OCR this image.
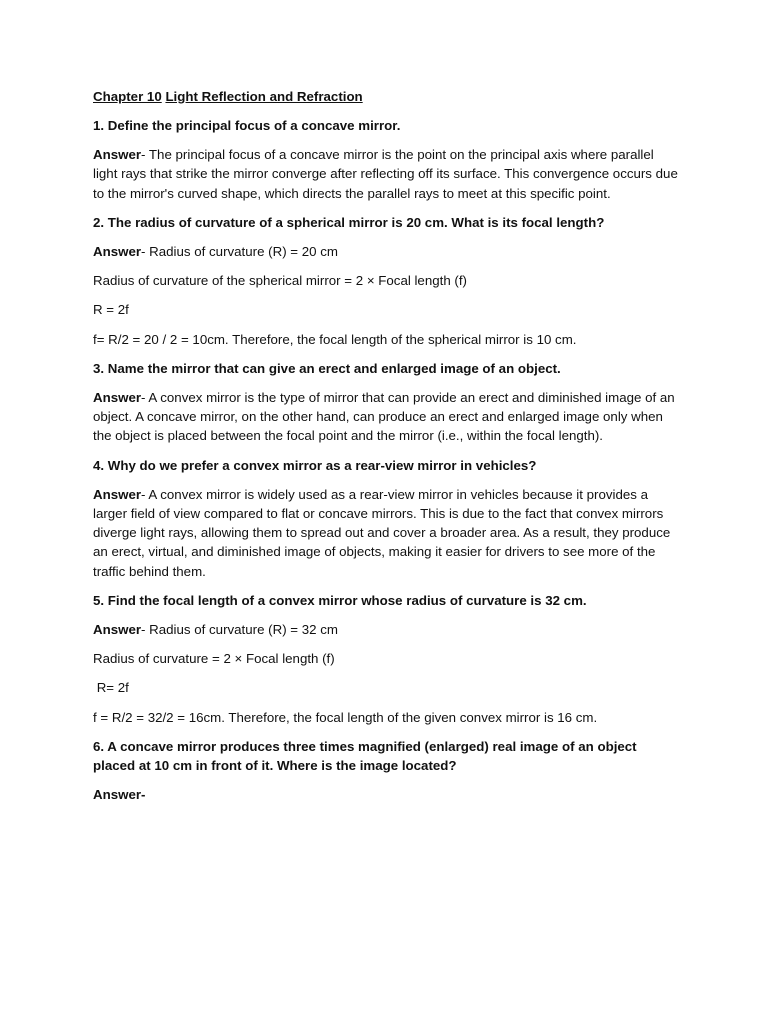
Chapter 10 Light Reflection and Refraction
1. Define the principal focus of a concave mirror.
Answer- The principal focus of a concave mirror is the point on the principal axis where parallel light rays that strike the mirror converge after reflecting off its surface. This convergence occurs due to the mirror's curved shape, which directs the parallel rays to meet at this specific point.
2. The radius of curvature of a spherical mirror is 20 cm. What is its focal length?
Answer- Radius of curvature (R) = 20 cm
Radius of curvature of the spherical mirror = 2 × Focal length (f)
R = 2f
f= R/2 = 20 / 2 = 10cm. Therefore, the focal length of the spherical mirror is 10 cm.
3. Name the mirror that can give an erect and enlarged image of an object.
Answer- A convex mirror is the type of mirror that can provide an erect and diminished image of an object. A concave mirror, on the other hand, can produce an erect and enlarged image only when the object is placed between the focal point and the mirror (i.e., within the focal length).
4. Why do we prefer a convex mirror as a rear-view mirror in vehicles?
Answer- A convex mirror is widely used as a rear-view mirror in vehicles because it provides a larger field of view compared to flat or concave mirrors. This is due to the fact that convex mirrors diverge light rays, allowing them to spread out and cover a broader area. As a result, they produce an erect, virtual, and diminished image of objects, making it easier for drivers to see more of the traffic behind them.
5. Find the focal length of a convex mirror whose radius of curvature is 32 cm.
Answer- Radius of curvature (R) = 32 cm
Radius of curvature = 2 × Focal length (f)
R= 2f
f = R/2 = 32/2 = 16cm. Therefore, the focal length of the given convex mirror is 16 cm.
6. A concave mirror produces three times magnified (enlarged) real image of an object placed at 10 cm in front of it. Where is the image located?
Answer-
